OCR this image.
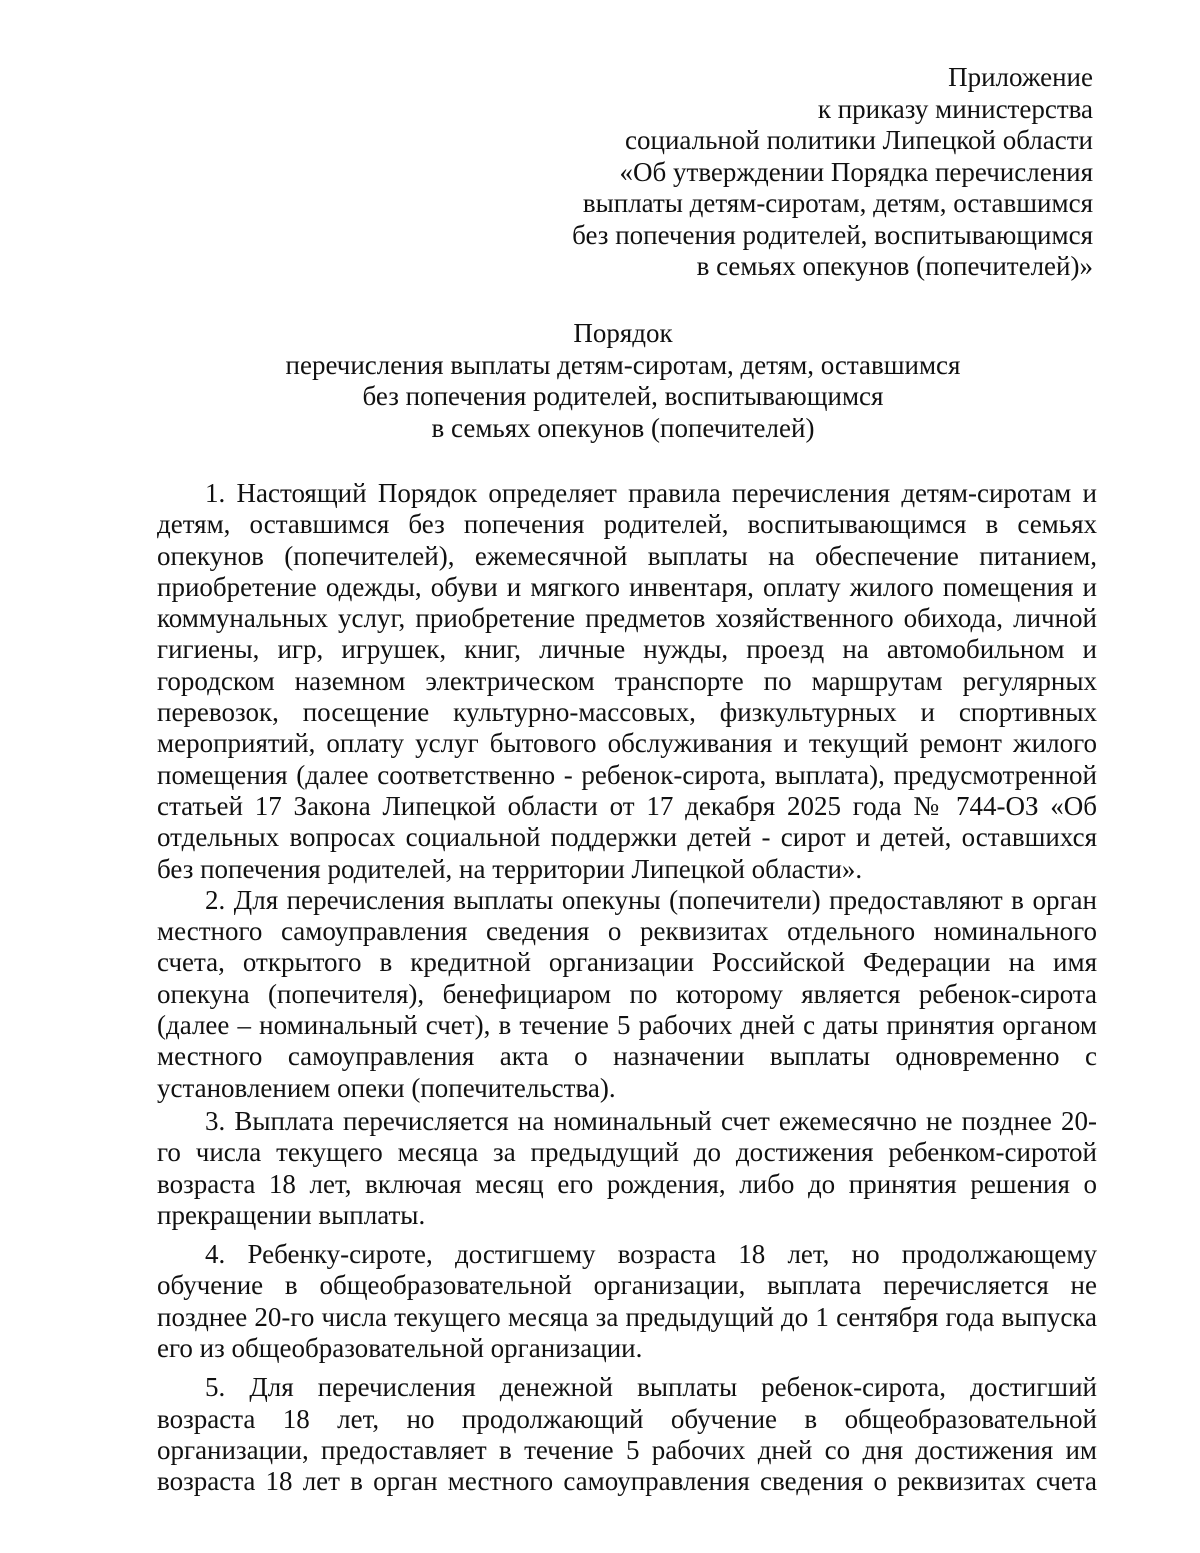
Приложение
к приказу министерства
социальной политики Липецкой области
«Об утверждении Порядка перечисления
выплаты детям-сиротам, детям, оставшимся
без попечения родителей, воспитывающимся
в семьях опекунов (попечителей)»
Порядок
перечисления выплаты детям-сиротам, детям, оставшимся
без попечения родителей, воспитывающимся
в семьях опекунов (попечителей)

1. Настоящий Порядок определяет правила перечисления детям-сиротам и детям, оставшимся без попечения родителей, воспитывающимся в семьях опекунов (попечителей), ежемесячной выплаты на обеспечение питанием, приобретение одежды, обуви и мягкого инвентаря, оплату жилого помещения и коммунальных услуг, приобретение предметов хозяйственного обихода, личной гигиены, игр, игрушек, книг, личные нужды, проезд на автомобильном и городском наземном электрическом транспорте по маршрутам регулярных перевозок, посещение культурно-массовых, физкультурных и спортивных мероприятий, оплату услуг бытового обслуживания и текущий ремонт жилого помещения (далее соответственно - ребенок-сирота, выплата), предусмотренной статьей 17 Закона Липецкой области от 17 декабря 2025 года № 744-ОЗ «Об отдельных вопросах социальной поддержки детей - сирот и детей, оставшихся без попечения родителей, на территории Липецкой области».

2. Для перечисления выплаты опекуны (попечители) предоставляют в орган местного самоуправления сведения о реквизитах отдельного номинального счета, открытого в кредитной организации Российской Федерации на имя опекуна (попечителя), бенефициаром по которому является ребенок-сирота (далее – номинальный счет), в течение 5 рабочих дней с даты принятия органом местного самоуправления акта о назначении выплаты одновременно с установлением опеки (попечительства).

3. Выплата перечисляется на номинальный счет ежемесячно не позднее 20-го числа текущего месяца за предыдущий до достижения ребенком-сиротой возраста 18 лет, включая месяц его рождения, либо до принятия решения о прекращении выплаты.

4. Ребенку-сироте, достигшему возраста 18 лет, но продолжающему обучение в общеобразовательной организации, выплата перечисляется не позднее 20-го числа текущего месяца за предыдущий до 1 сентября года выпуска его из общеобразовательной организации.

5. Для перечисления денежной выплаты ребенок-сирота, достигший возраста 18 лет, но продолжающий обучение в общеобразовательной организации, предоставляет в течение 5 рабочих дней со дня достижения им возраста 18 лет в орган местного самоуправления сведения о реквизитах счета
